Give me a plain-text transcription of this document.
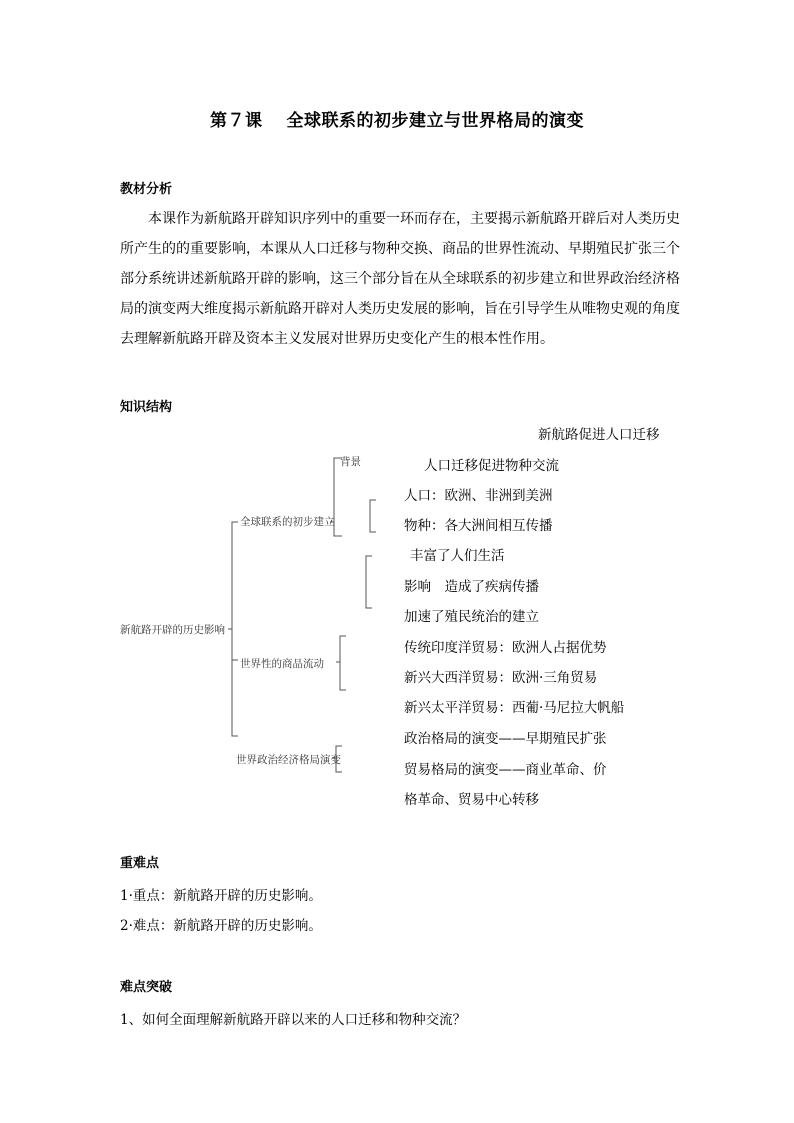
第７课　 全球联系的初步建立与世界格局的演变
教材分析

本课作为新航路开辟知识序列中的重要一环而存在，主要揭示新航路开辟后对人类历史所产生的的重要影响，本课从人口迁移与物种交换、商品的世界性流动、早期殖民扩张三个部分系统讲述新航路开辟的影响，这三个部分旨在从全球联系的初步建立和世界政治经济格局的演变两大维度揭示新航路开辟对人类历史发展的影响，旨在引导学生从唯物史观的角度去理解新航路开辟及资本主义发展对世界历史变化产生的根本性作用。

知识结构
新航路开辟的历史影响
全球联系的初步建立
背景
世界性的商品流动
世界政治经济格局演变
新航路促进人口迁移
人口迁移促进物种交流
人口：欧洲、非洲到美洲
物种：各大洲间相互传播
丰富了人们生活
影响　造成了疾病传播
加速了殖民统治的建立
传统印度洋贸易：欧洲人占据优势
新兴大西洋贸易：欧洲·三角贸易
新兴太平洋贸易：西葡·马尼拉大帆船
政治格局的演变——早期殖民扩张
贸易格局的演变——商业革命、价
格革命、贸易中心转移
重难点
1·重点：新航路开辟的历史影响。
2·难点：新航路开辟的历史影响。
难点突破
1、如何全面理解新航路开辟以来的人口迁移和物种交流？
